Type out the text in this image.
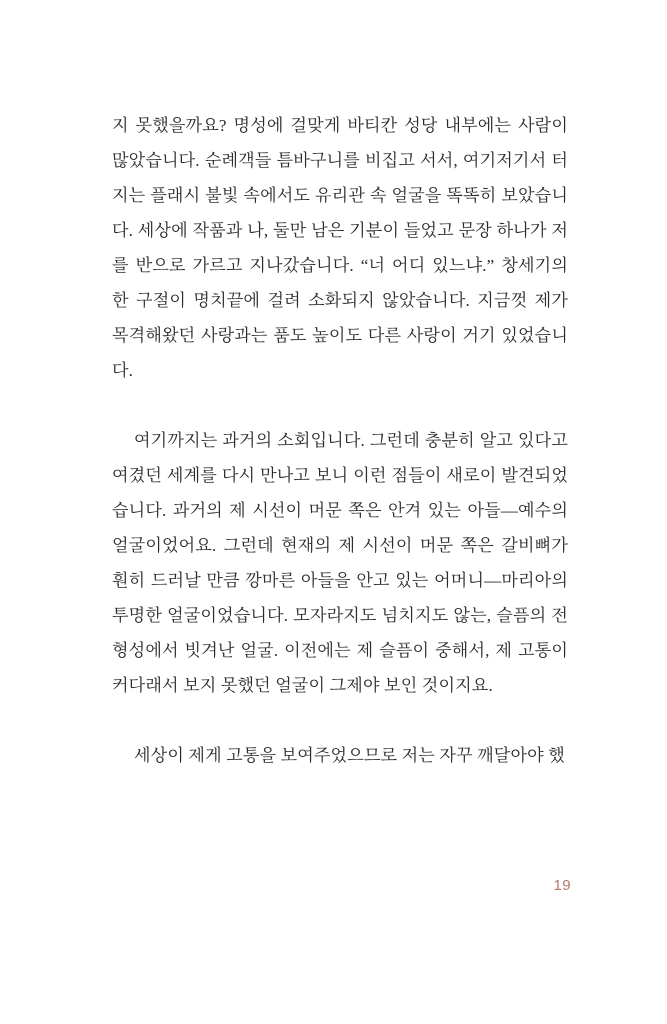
지 못했을까요? 명성에 걸맞게 바티칸 성당 내부에는 사람이 많았습니다. 순례객들 틈바구니를 비집고 서서, 여기저기서 터지는 플래시 불빛 속에서도 유리관 속 얼굴을 똑똑히 보았습니다. 세상에 작품과 나, 둘만 남은 기분이 들었고 문장 하나가 저를 반으로 가르고 지나갔습니다. “너 어디 있느냐.” 창세기의 한 구절이 명치끝에 걸려 소화되지 않았습니다. 지금껏 제가 목격해왔던 사랑과는 품도 높이도 다른 사랑이 거기 있었습니다.

여기까지는 과거의 소회입니다. 그런데 충분히 알고 있다고 여겼던 세계를 다시 만나고 보니 이런 점들이 새로이 발견되었습니다. 과거의 제 시선이 머문 쪽은 안겨 있는 아들—예수의 얼굴이었어요. 그런데 현재의 제 시선이 머문 쪽은 갈비뼈가 훤히 드러날 만큼 깡마른 아들을 안고 있는 어머니—마리아의 투명한 얼굴이었습니다. 모자라지도 넘치지도 않는, 슬픔의 전형성에서 빗겨난 얼굴. 이전에는 제 슬픔이 중해서, 제 고통이 커다래서 보지 못했던 얼굴이 그제야 보인 것이지요.

세상이 제게 고통을 보여주었으므로 저는 자꾸 깨달아야 했

19
